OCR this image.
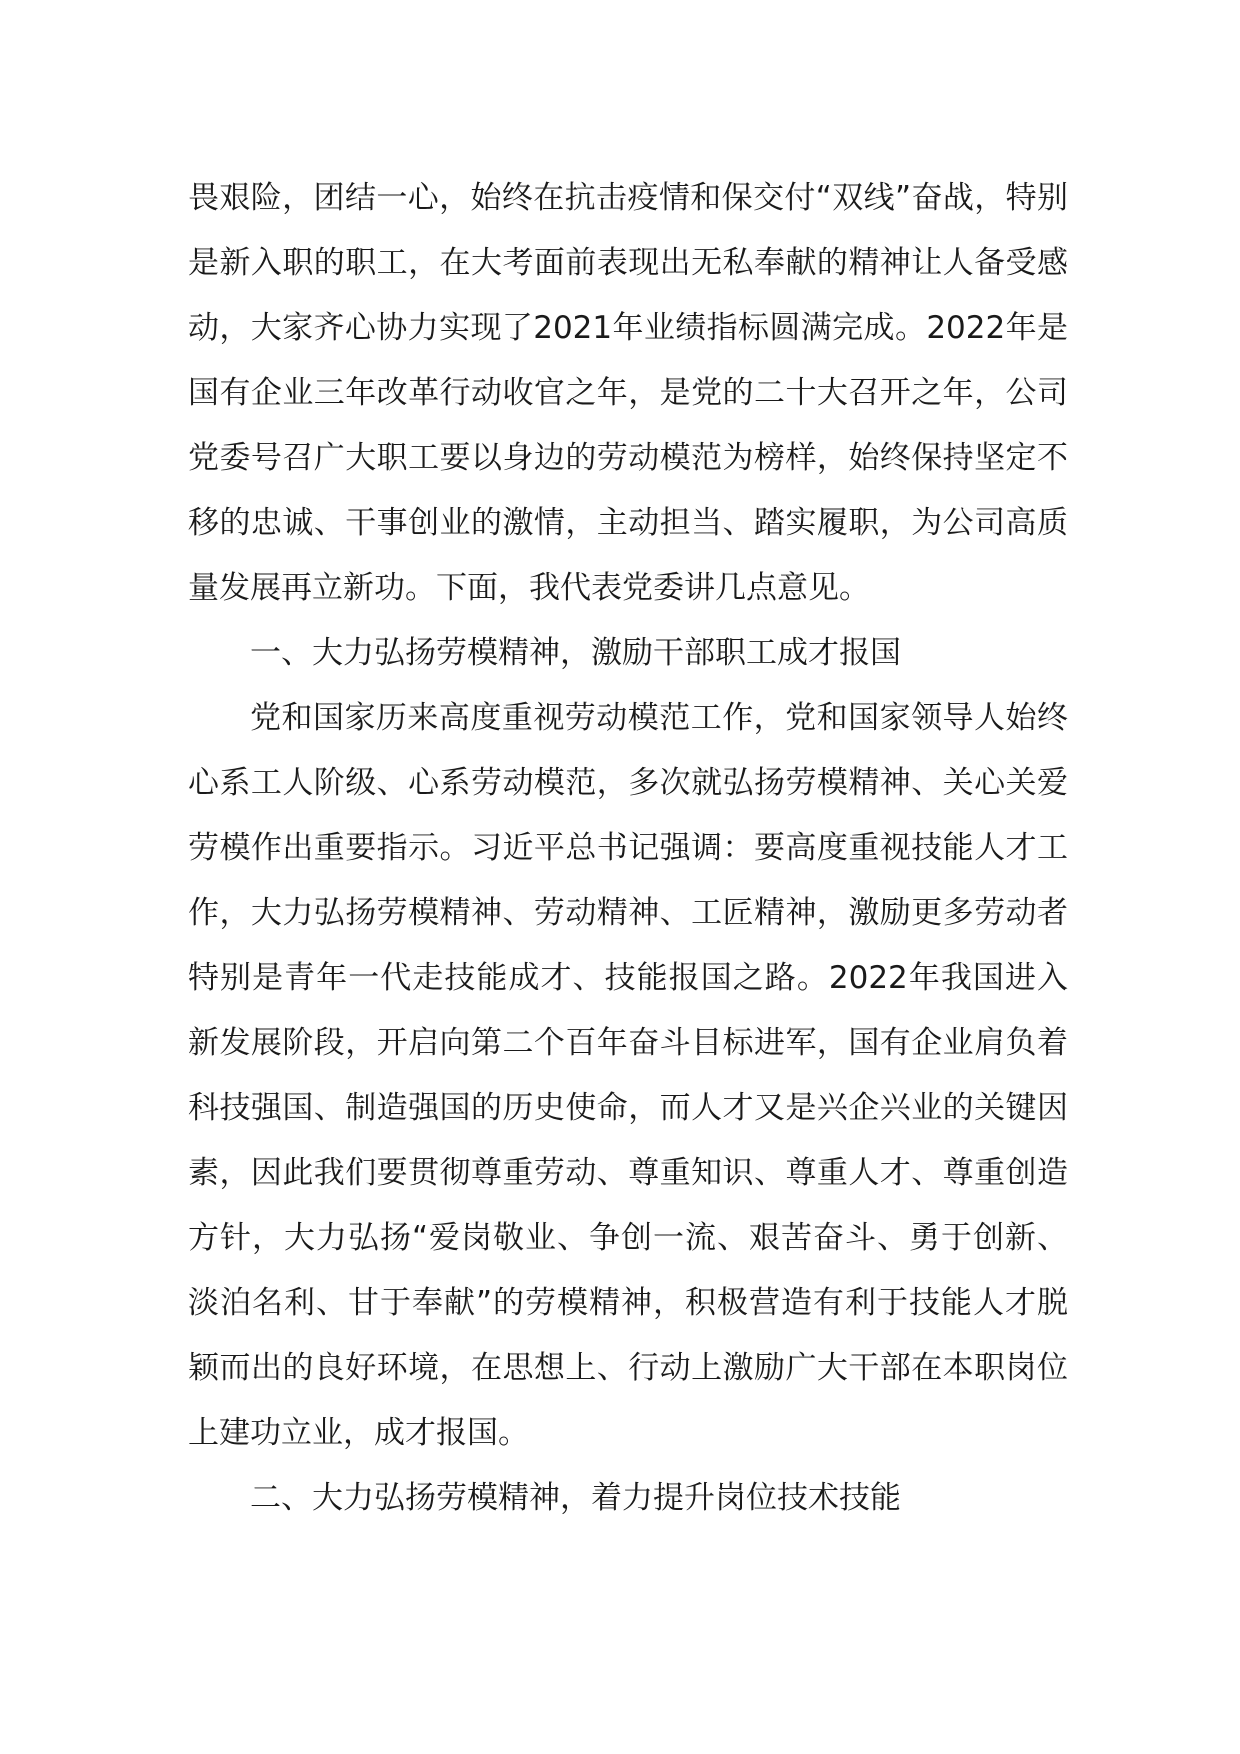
畏艰险，团结一心，始终在抗击疫情和保交付“双线”奋战，特别是新入职的职工，在大考面前表现出无私奉献的精神让人备受感动，大家齐心协力实现了2021年业绩指标圆满完成。2022年是国有企业三年改革行动收官之年，是党的二十大召开之年，公司党委号召广大职工要以身边的劳动模范为榜样，始终保持坚定不移的忠诚、干事创业的激情，主动担当、踏实履职，为公司高质量发展再立新功。下面，我代表党委讲几点意见。

一、大力弘扬劳模精神，激励干部职工成才报国

党和国家历来高度重视劳动模范工作，党和国家领导人始终心系工人阶级、心系劳动模范，多次就弘扬劳模精神、关心关爱劳模作出重要指示。习近平总书记强调：要高度重视技能人才工作，大力弘扬劳模精神、劳动精神、工匠精神，激励更多劳动者特别是青年一代走技能成才、技能报国之路。2022年我国进入新发展阶段，开启向第二个百年奋斗目标进军，国有企业肩负着科技强国、制造强国的历史使命，而人才又是兴企兴业的关键因素，因此我们要贯彻尊重劳动、尊重知识、尊重人才、尊重创造方针，大力弘扬“爱岗敬业、争创一流、艰苦奋斗、勇于创新、淡泊名利、甘于奉献”的劳模精神，积极营造有利于技能人才脱颖而出的良好环境，在思想上、行动上激励广大干部在本职岗位上建功立业，成才报国。

二、大力弘扬劳模精神，着力提升岗位技术技能
